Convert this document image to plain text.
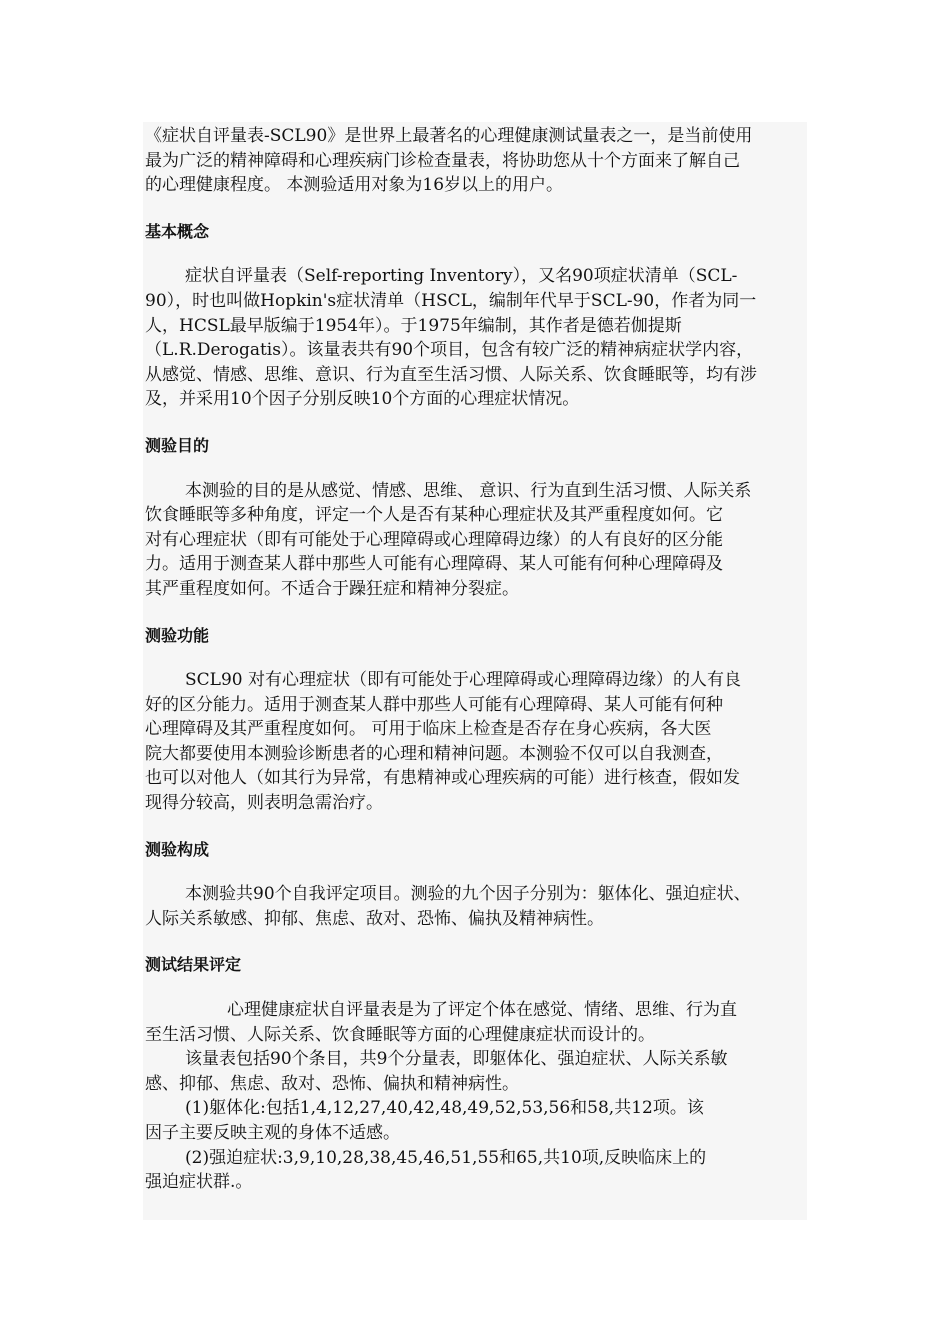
《症状自评量表-SCL90》是世界上最著名的心理健康测试量表之一，是当前使用

最为广泛的精神障碍和心理疾病门诊检查量表，将协助您从十个方面来了解自己

的心理健康程度。 本测验适用对象为16岁以上的用户。

基本概念

症状自评量表（Self-reporting Inventory），又名90项症状清单（SCL-

90），时也叫做Hopkin's症状清单（HSCL，编制年代早于SCL-90，作者为同一

人，HCSL最早版编于1954年）。于1975年编制，其作者是德若伽提斯

（L.R.Derogatis）。该量表共有90个项目，包含有较广泛的精神病症状学内容，

从感觉、情感、思维、意识、行为直至生活习惯、人际关系、饮食睡眠等，均有涉

及，并采用10个因子分别反映10个方面的心理症状情况。

测验目的

本测验的目的是从感觉、情感、思维、 意识、行为直到生活习惯、人际关系

饮食睡眠等多种角度，评定一个人是否有某种心理症状及其严重程度如何。它

对有心理症状（即有可能处于心理障碍或心理障碍边缘）的人有良好的区分能

力。适用于测查某人群中那些人可能有心理障碍、某人可能有何种心理障碍及

其严重程度如何。不适合于躁狂症和精神分裂症。

测验功能

SCL90 对有心理症状（即有可能处于心理障碍或心理障碍边缘）的人有良

好的区分能力。适用于测查某人群中那些人可能有心理障碍、某人可能有何种

心理障碍及其严重程度如何。 可用于临床上检查是否存在身心疾病，各大医

院大都要使用本测验诊断患者的心理和精神问题。本测验不仅可以自我测查，

也可以对他人（如其行为异常，有患精神或心理疾病的可能）进行核查，假如发

现得分较高，则表明急需治疗。

测验构成

本测验共90个自我评定项目。测验的九个因子分别为：躯体化、强迫症状、

人际关系敏感、抑郁、焦虑、敌对、恐怖、偏执及精神病性。

测试结果评定

心理健康症状自评量表是为了评定个体在感觉、情绪、思维、行为直

至生活习惯、人际关系、饮食睡眠等方面的心理健康症状而设计的。

该量表包括90个条目，共9个分量表，即躯体化、强迫症状、人际关系敏

感、抑郁、焦虑、敌对、恐怖、偏执和精神病性。

(1)躯体化:包括1,4,12,27,40,42,48,49,52,53,56和58,共12项。该

因子主要反映主观的身体不适感。

(2)强迫症状:3,9,10,28,38,45,46,51,55和65,共10项,反映临床上的

强迫症状群.。
